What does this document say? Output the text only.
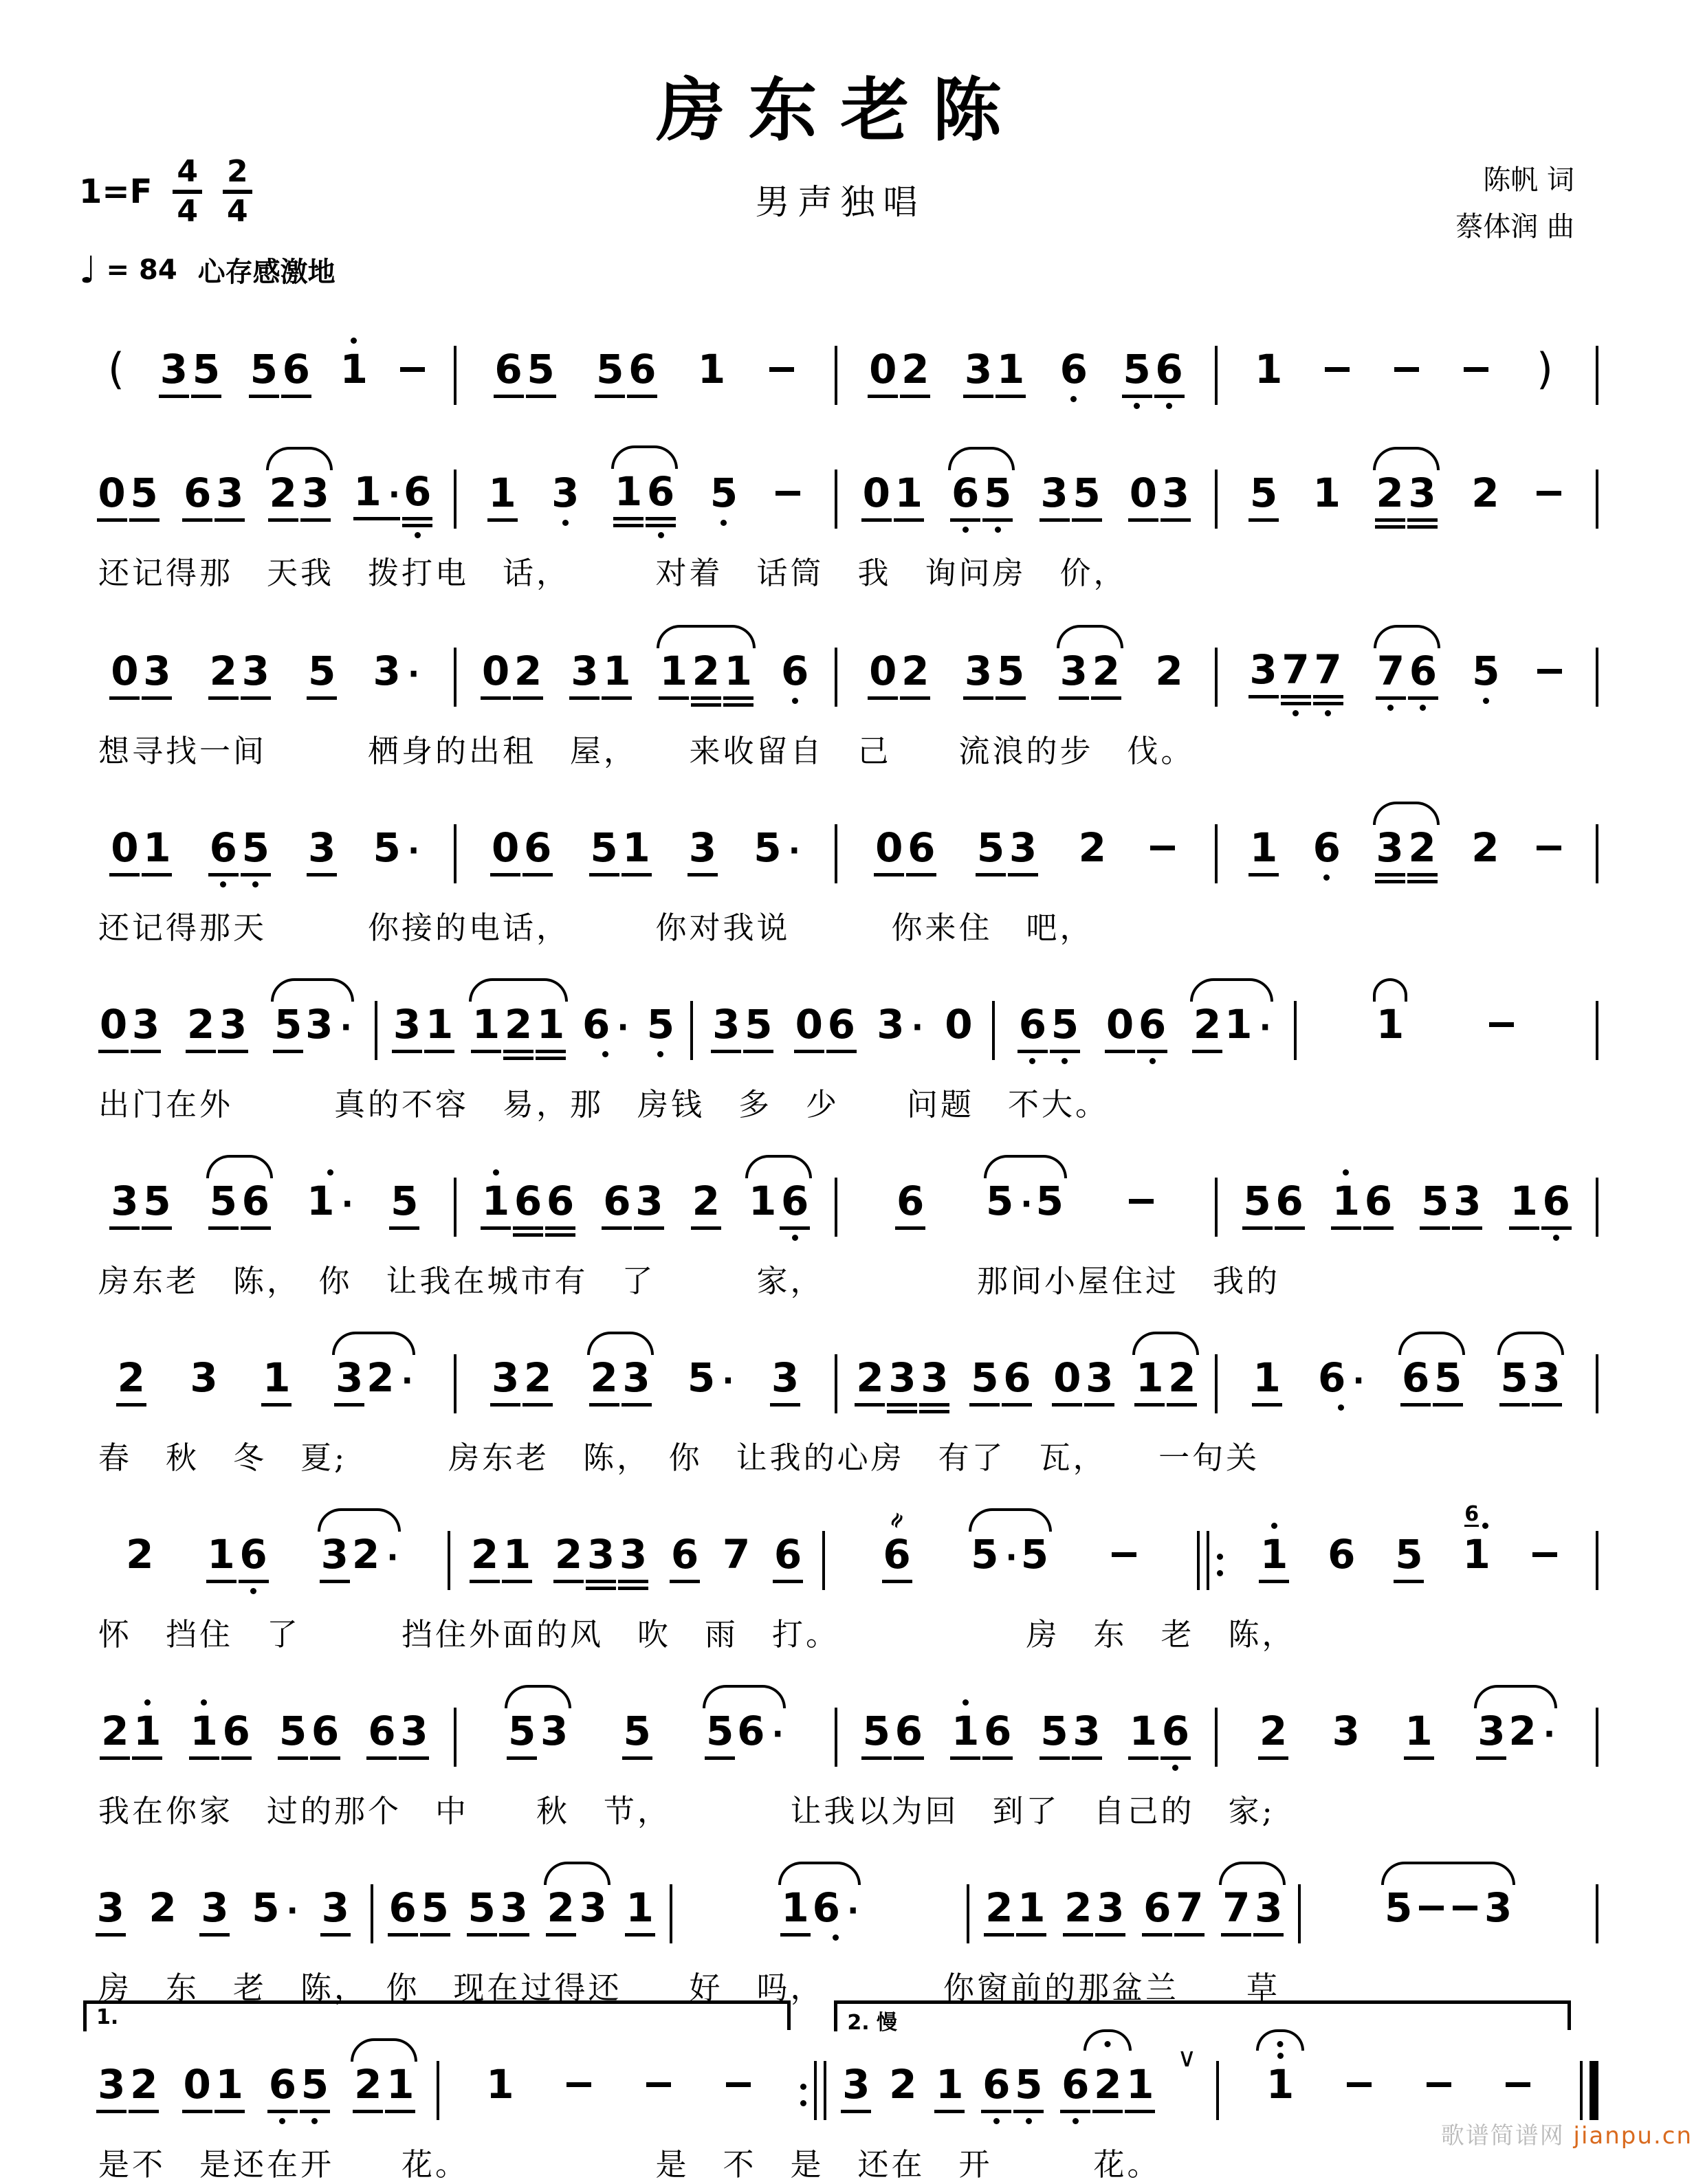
房东老陈
$1=F \frac{4}{4} \frac{2}{4}$
♩ = 84 心存感激地
男声独唱
陈帆 词
蔡体润 曲
( 3 5 5 6 1	6 5 5 6 1	0 2 3 1 6 5 6 1	)
0 5 6 3 2 3 1 · 6 1 3 1 6 5	0 1 6 5 3 5 0 3 5 1 2 3 2
还记得那　天我　拨打电　话，　　　对着　话筒　我　询问房　价，
0 3 2 3 5 3 · 0 2 3 1 1 2 1 6 0 2 3 5 3 2 2 3 7 7 7 6 5
想寻找一间　　　栖身的出租　屋，　　来收留自　己　　流浪的步　伐。
0 1 6 5 3 5 · 0 6 5 1 3 5 · 0 6 5 3 2	1 6 3 2 2
还记得那天　　　你接的电话，　　　你对我说　　　你来住　吧，
0 3 2 3 5 3 · 3 1 1 2 1 6 · 5 3 5 0 6 3 · 0 6 5 0 6 2 1 ·	1
出门在外　　　真的不容　易，那　房钱　多　少　　问题　不大。
3 5 5 6 1 · 5 1 6 6 6 3 2 1 6 6 5 · 5	5 6 1 6 5 3 1 6
房东老　陈，　你　让我在城市有　了　　　家，　　　　　那间小屋住过　我的
2 3 1 3 2 · 3 2 2 3 5 · 3 2 3 3 5 6 0 3 1 2 1 6 · 6 5 5 3
春　秋　冬　夏;　　　房东老　陈，　你　让我的心房　有了　瓦，　　一句关
2 1 6 3 2 · 2 1 2 3 3 6 7 6
≈
6 5 · 5	1 6 5
6
1
怀　挡住　了　　　挡住外面的风　吹　雨　打。　　　　　　房　东　老　陈，
2 1 1 6 5 6 6 3 5 3 5 5 6 · 5 6 1 6 5 3 1 6 2 3 1 3 2 ·
我在你家　过的那个　中　　秋　节，　　　　让我以为回　到了　自己的　家;
3 2 3 5 · 3 6 5 5 3 2 3 1	1 6 ·	2 1 2 3 6 7 7 3	5 3
房　东　老　陈，　你　现在过得还　　好　吗，　　　　你窗前的那盆兰　　草
1.
3 2 0 1 6 5 2 1 1
2. 慢
3 2 1 6 5 6 2 1
∨
1
是不　是还在开　　花。　　　　　　是　不　是　还在　开　　　花。
歌谱简谱网 jianpu.cn
